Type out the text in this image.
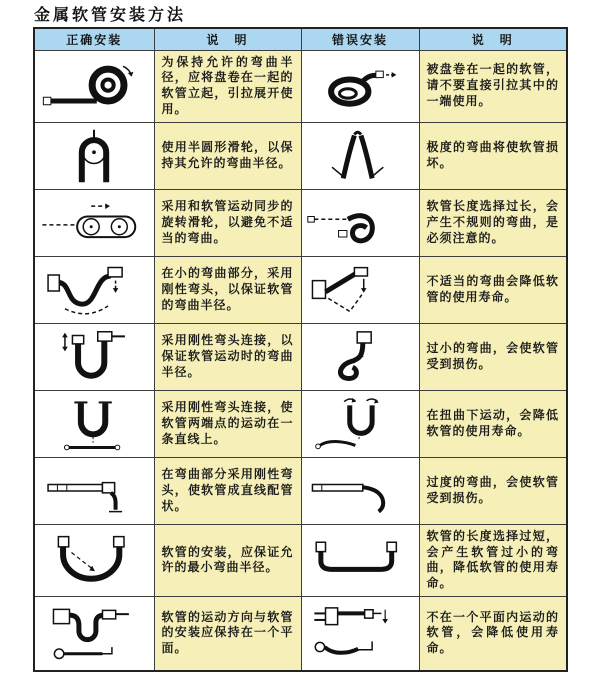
金属软管安装方法
正确安装	说　明	错误安装	说　明

	为保持允许的弯曲半径，应将盘卷在一起的软管立起，引拉展开使用。		被盘卷在一起的软管，请不要直接引拉其中的一端使用。

	使用半圆形滑轮，以保持其允许的弯曲半径。		极度的弯曲将使软管损坏。

	采用和软管运动同步的旋转滑轮，以避免不适当的弯曲。		软管长度选择过长，会产生不规则的弯曲，是必须注意的。

	在小的弯曲部分，采用刚性弯头，以保证软管的弯曲半径。		不适当的弯曲会降低软管的使用寿命。

	采用刚性弯头连接，以保证软管运动时的弯曲半径。		过小的弯曲，会使软管受到损伤。

	采用刚性弯头连接，使软管两端点的运动在一条直线上。		在扭曲下运动，会降低软管的使用寿命。

	在弯曲部分采用刚性弯头，使软管成直线配管状。		过度的弯曲，会使软管受到损伤。

	软管的安装，应保证允许的最小弯曲半径。		软管的长度选择过短，会产生软管过小的弯曲，降低软管的使用寿命。

	软管的运动方向与软管的安装应保持在一个平面。		不在一个平面内运动的软管，会降低使用寿命。
